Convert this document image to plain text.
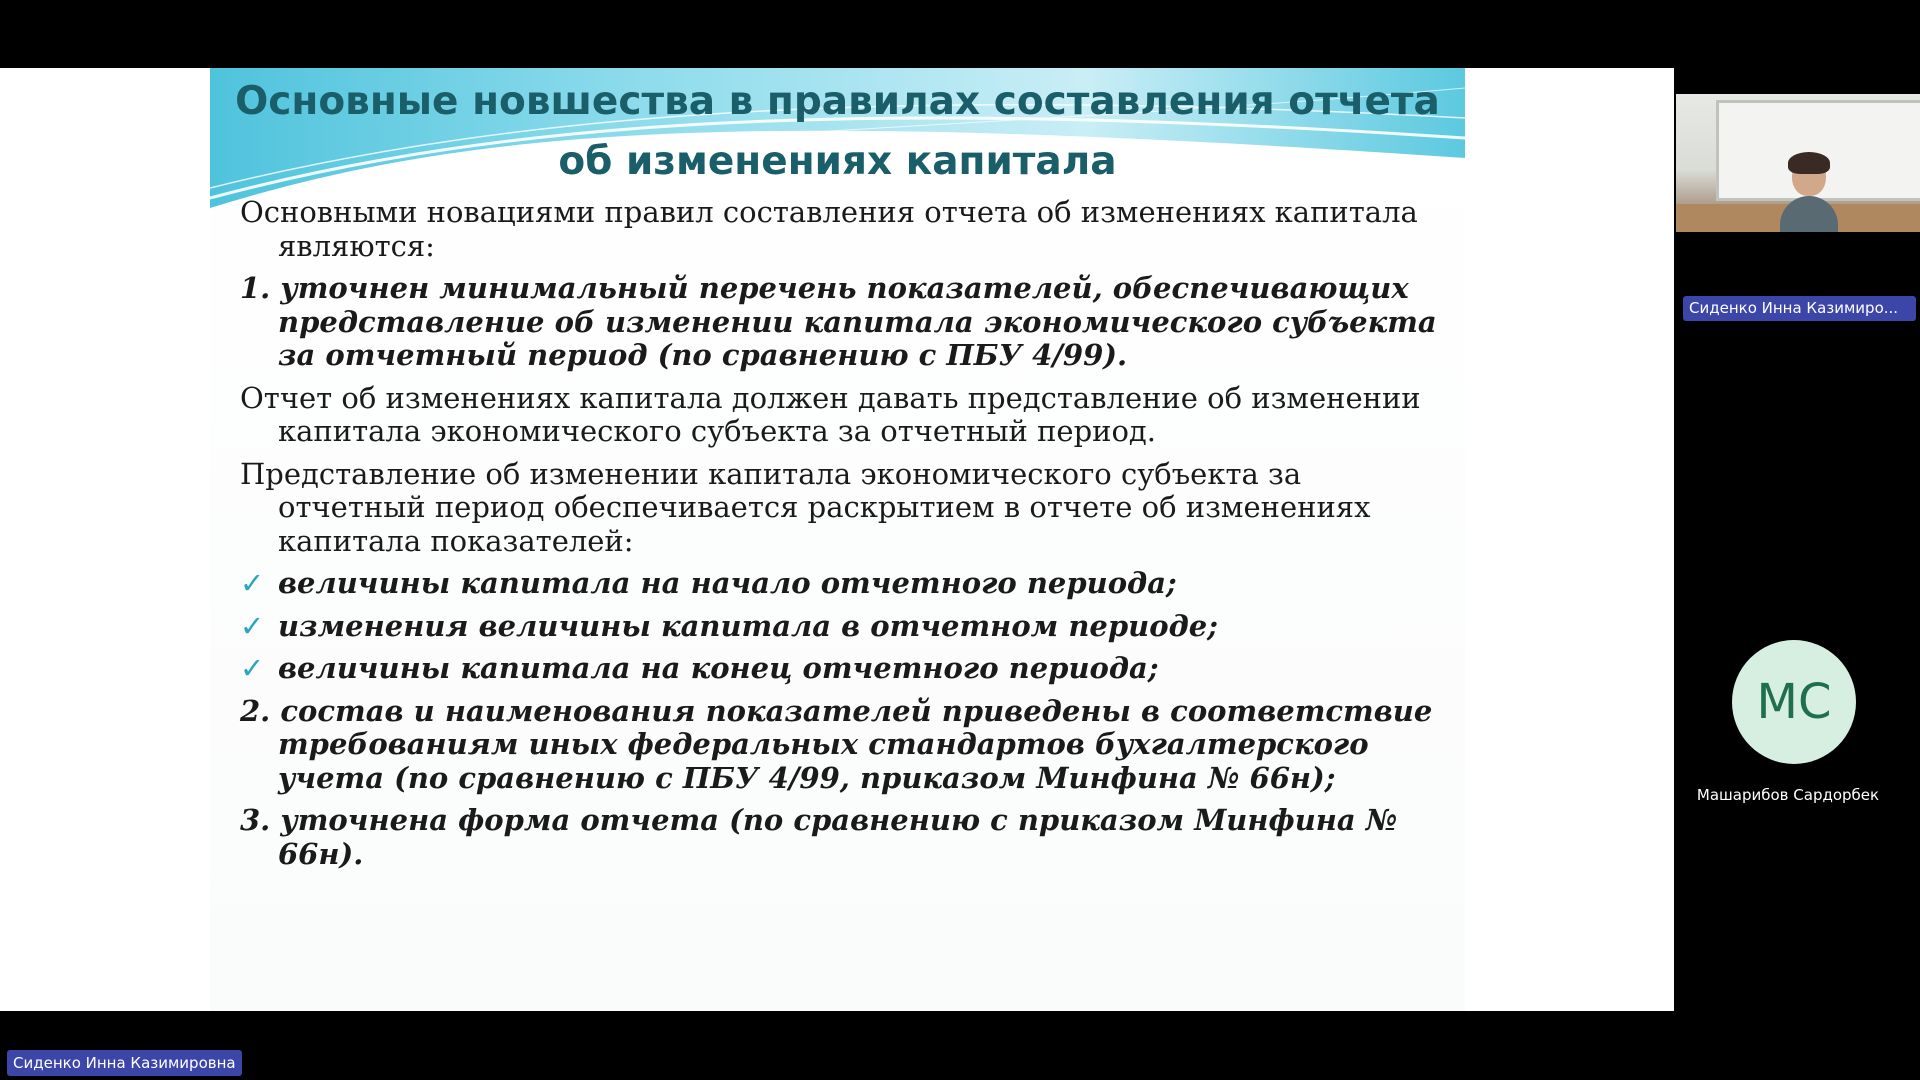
Основные новшества в правилах составления отчета
об изменениях капитала

Основными новациями правил составления отчета об изменениях капитала являются:

1. уточнен минимальный перечень показателей, обеспечивающих представление об изменении капитала экономического субъекта за отчетный период (по сравнению с ПБУ 4/99).

Отчет об изменениях капитала должен давать представление об изменении капитала экономического субъекта за отчетный период.

Представление об изменении капитала экономического субъекта за отчетный период обеспечивается раскрытием в отчете об изменениях капитала показателей:

✓ величины капитала на начало отчетного периода;
✓ изменения величины капитала в отчетном периоде;
✓ величины капитала на конец отчетного периода;

2. состав и наименования показателей приведены в соответствие требованиям иных федеральных стандартов бухгалтерского учета (по сравнению с ПБУ 4/99, приказом Минфина № 66н);

3. уточнена форма отчета (по сравнению с приказом Минфина № 66н).

Сиденко Инна Казимиро...
МС
Машарибов Сардорбек
Сиденко Инна Казимировна
